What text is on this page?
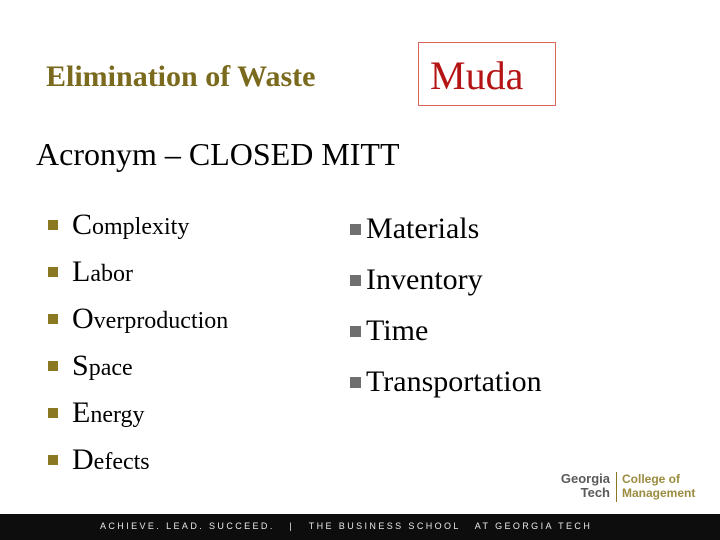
Elimination of Waste	Muda
Acronym – CLOSED MITT
Complexity
Labor
Overproduction
Space
Energy
Defects
Materials
Inventory
Time
Transportation
Georgia
Tech
College of
Management
ACHIEVE. LEAD. SUCCEED.   |   THE BUSINESS SCHOOL   AT GEORGIA TECH
